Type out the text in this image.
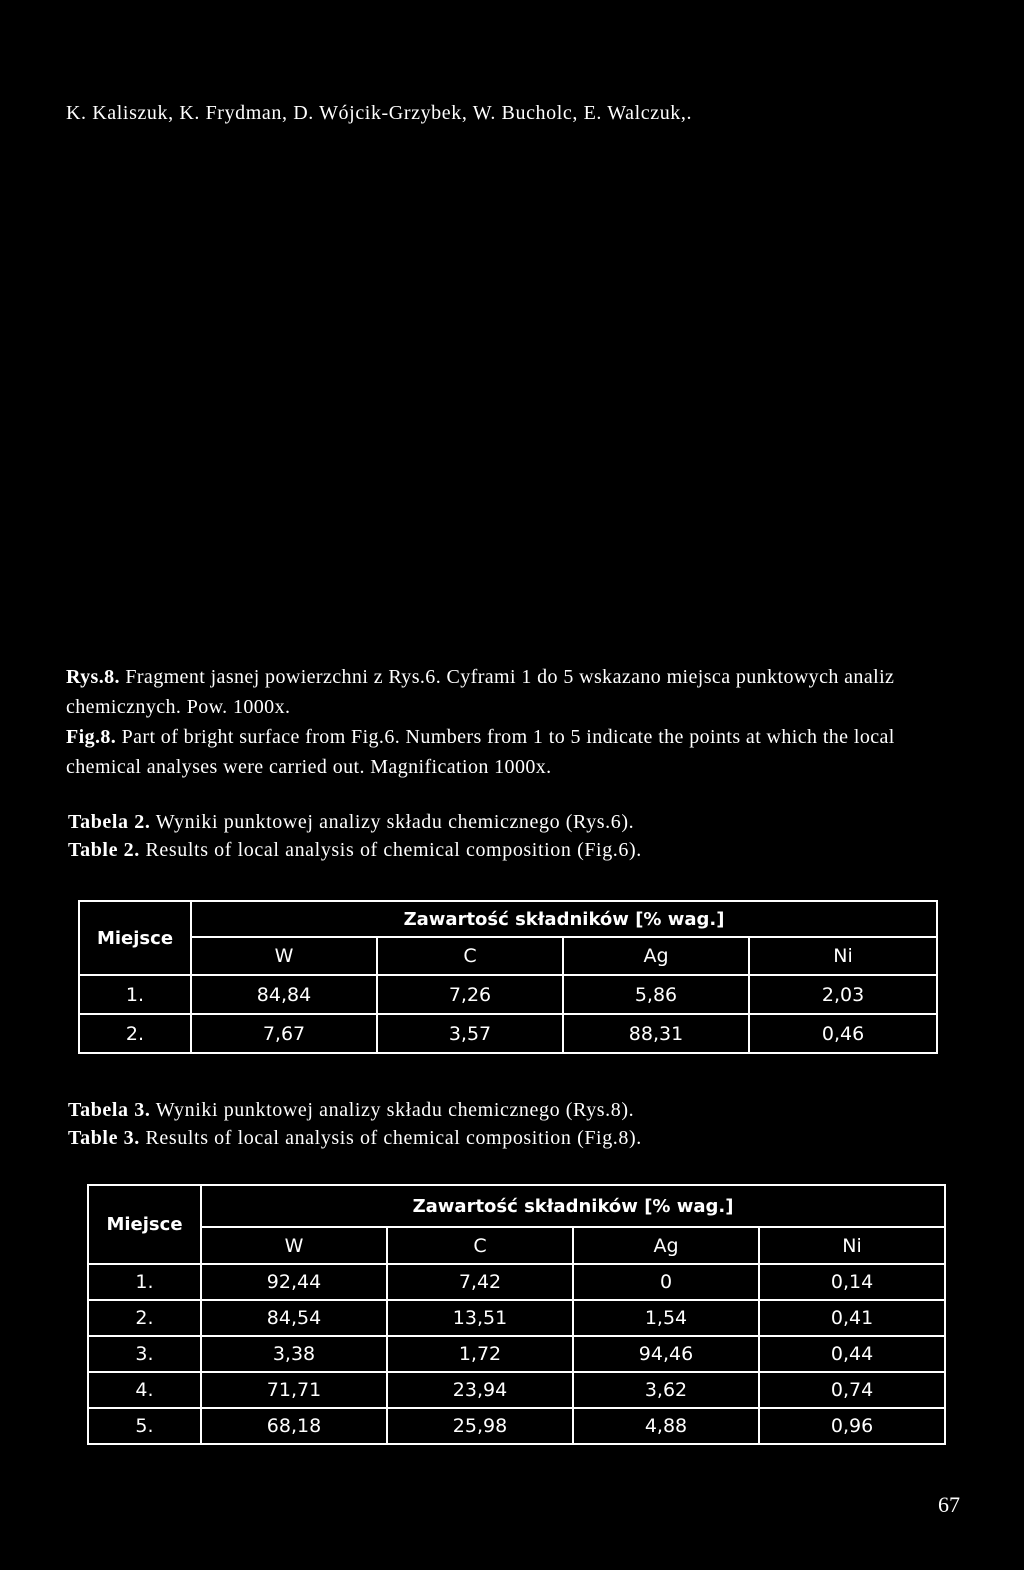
K. Kaliszuk, K. Frydman, D. Wójcik-Grzybek, W. Bucholc, E. Walczuk,.
Rys.8. Fragment jasnej powierzchni z Rys.6. Cyframi 1 do 5 wskazano miejsca punktowych analiz chemicznych. Pow. 1000x.
Fig.8. Part of bright surface from Fig.6. Numbers from 1 to 5 indicate the points at which the local chemical analyses were carried out. Magnification 1000x.
Tabela 2. Wyniki punktowej analizy składu chemicznego (Rys.6).
Table 2. Results of local analysis of chemical composition (Fig.6).
Miejsce	Zawartość składników [% wag.]			
	W	C	Ag	Ni
1.	84,84	7,26	5,86	2,03
2.	7,67	3,57	88,31	0,46
Tabela 3. Wyniki punktowej analizy składu chemicznego (Rys.8).
Table 3. Results of local analysis of chemical composition (Fig.8).
Miejsce	Zawartość składników [% wag.]			
	W	C	Ag	Ni
1.	92,44	7,42	0	0,14
2.	84,54	13,51	1,54	0,41
3.	3,38	1,72	94,46	0,44
4.	71,71	23,94	3,62	0,74
5.	68,18	25,98	4,88	0,96
67
